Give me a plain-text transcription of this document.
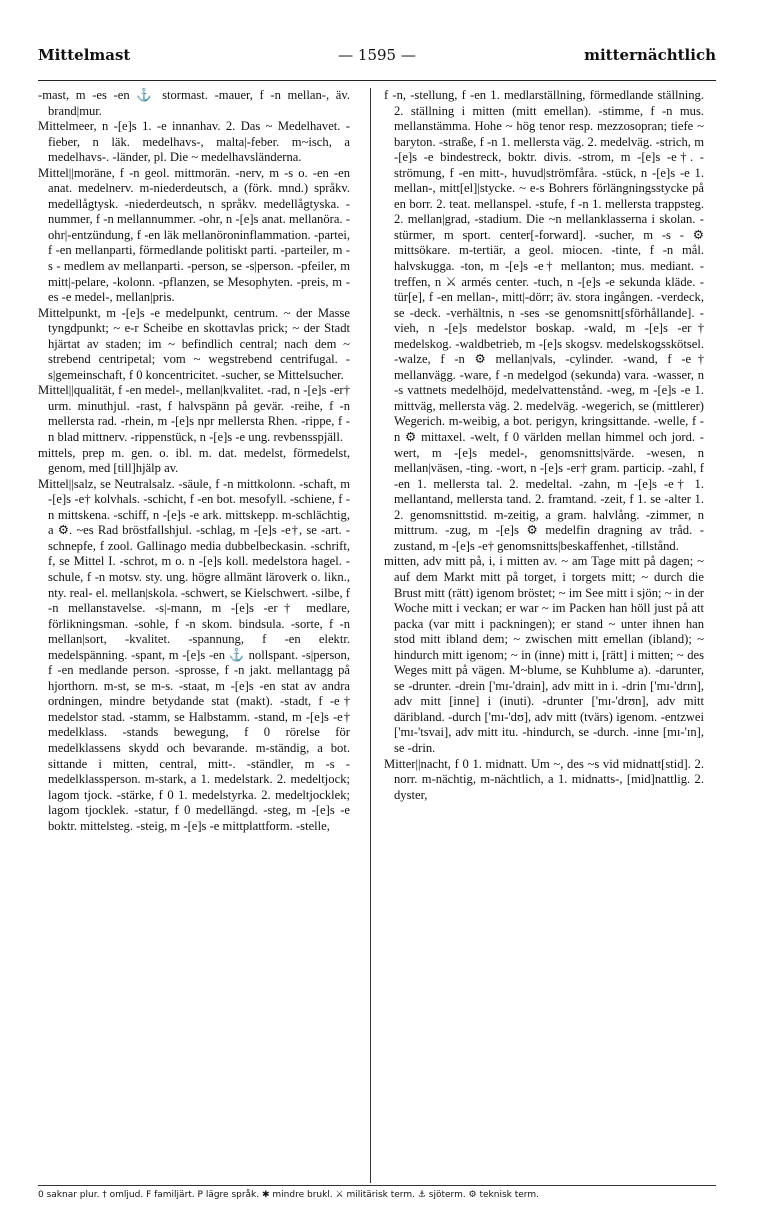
Mittelmast	— 1595 —	mitternächtlich

-mast, m -es -en ⚓ stormast. -mauer, f -n mellan-, äv. brand|mur.

Mittelmeer, n -[e]s 1. -e innanhav. 2. Das ~ Medelhavet. -fieber, n läk. medelhavs-, malta|-feber. m~isch, a medelhavs-. -länder, pl. Die ~ medelhavsländerna.

Mittel||moräne, f -n geol. mittmorän. -nerv, m -s o. -en -en anat. medelnerv. m-niederdeutsch, a (förk. mnd.) språkv. medellågtysk. -niederdeutsch, n språkv. medellågtyska. -nummer, f -n mellannummer. -ohr, n -[e]s anat. mellanöra. -ohr|-entzündung, f -en läk mellanöroninflammation. -partei, f -en mellanparti, förmedlande politiskt parti. -parteiler, m -s - medlem av mellanparti. -person, se -s|person. -pfeiler, m mitt|-pelare, -kolonn. -pflanzen, se Mesophyten. -preis, m -es -e medel-, mellan|pris.

Mittelpunkt, m -[e]s -e medelpunkt, centrum. ~ der Masse tyngdpunkt; ~ e-r Scheibe en skottavlas prick; ~ der Stadt hjärtat av staden; im ~ befindlich central; nach dem ~ strebend centripetal; vom ~ wegstrebend centrifugal. -s|gemeinschaft, f 0 koncentricitet. -sucher, se Mittelsucher.

Mittel||qualität, f -en medel-, mellan|kvalitet. -rad, n -[e]s -er† urm. minuthjul. -rast, f halvspänn på gevär. -reihe, f -n mellersta rad. -rhein, m -[e]s npr mellersta Rhen. -rippe, f -n blad mittnerv. -rippenstück, n -[e]s -e ung. revbensspjäll.

mittels, prep m. gen. o. ibl. m. dat. medelst, förmedelst, genom, med [till]hjälp av.

Mittel||salz, se Neutralsalz. -säule, f -n mittkolonn. -schaft, m -[e]s -e† kolvhals. -schicht, f -en bot. mesofyll. -schiene, f -n mittskena. -schiff, n -[e]s -e ark. mittskepp. m-schlächtig, a ⚙. ~es Rad bröstfallshjul. -schlag, m -[e]s -e†, se -art. -schnepfe, f zool. Gallinago media dubbelbeckasin. -schrift, f, se Mittel I. -schrot, m o. n -[e]s koll. medelstora hagel. -schule, f -n motsv. sty. ung. högre allmänt läroverk o. likn., nty. real- el. mellan|skola. -schwert, se Kielschwert. -silbe, f -n mellanstavelse. -s|-mann, m -[e]s -er† medlare, förlikningsman. -sohle, f -n skom. bindsula. -sorte, f -n mellan|sort, -kvalitet. -spannung, f -en elektr. medelspänning. -spant, m -[e]s -en ⚓ nollspant. -s|person, f -en medlande person. -sprosse, f -n jakt. mellantagg på hjorthorn. m-st, se m-s. -staat, m -[e]s -en stat av andra ordningen, mindre betydande stat (makt). -stadt, f -e† medelstor stad. -stamm, se Halbstamm. -stand, m -[e]s -e† medelklass. -stands bewegung, f 0 rörelse för medelklassens skydd och bevarande. m-ständig, a bot. sittande i mitten, central, mitt-. -ständler, m -s - medelklassperson. m-stark, a 1. medelstark. 2. medeltjock; lagom tjock. -stärke, f 0 1. medelstyrka. 2. medeltjocklek; lagom tjocklek. -statur, f 0 medellängd. -steg, m -[e]s -e boktr. mittelsteg. -steig, m -[e]s -e mittplattform. -stelle,

f -n, -stellung, f -en 1. medlarställning, förmedlande ställning. 2. ställning i mitten (mitt emellan). -stimme, f -n mus. mellanstämma. Hohe ~ hög tenor resp. mezzosopran; tiefe ~ baryton. -straße, f -n 1. mellersta väg. 2. medelväg. -strich, m -[e]s -e bindestreck, boktr. divis. -strom, m -[e]s -e†. -strömung, f -en mitt-, huvud|strömfåra. -stück, n -[e]s -e 1. mellan-, mitt[el]|stycke. ~ e-s Bohrers förlängningsstycke på en borr. 2. teat. mellanspel. -stufe, f -n 1. mellersta trappsteg. 2. mellan|grad, -stadium. Die ~n mellanklasserna i skolan. -stürmer, m sport. center[-forward]. -sucher, m -s - ⚙ mittsökare. m-tertiär, a geol. miocen. -tinte, f -n mål. halvskugga. -ton, m -[e]s -e† mellanton; mus. mediant. -treffen, n ⚔ armés center. -tuch, n -[e]s -e sekunda kläde. -tür[e], f -en mellan-, mitt|-dörr; äv. stora ingången. -verdeck, se -deck. -verhältnis, n -ses -se genomsnitt[sförhållande]. -vieh, n -[e]s medelstor boskap. -wald, m -[e]s -er† medelskog. -waldbetrieb, m -[e]s skogsv. medelskogsskötsel. -walze, f -n ⚙ mellan|vals, -cylinder. -wand, f -e† mellanvägg. -ware, f -n medelgod (sekunda) vara. -wasser, n -s vattnets medelhöjd, medelvattenstånd. -weg, m -[e]s -e 1. mittväg, mellersta väg. 2. medelväg. -wegerich, se (mittlerer) Wegerich. m-weibig, a bot. perigyn, kringsittande. -welle, f -n ⚙ mittaxel. -welt, f 0 världen mellan himmel och jord. -wert, m -[e]s medel-, genomsnitts|värde. -wesen, n mellan|väsen, -ting. -wort, n -[e]s -er† gram. particip. -zahl, f -en 1. mellersta tal. 2. medeltal. -zahn, m -[e]s -e† 1. mellantand, mellersta tand. 2. framtand. -zeit, f 1. se -alter 1. 2. genomsnittstid. m-zeitig, a gram. halvlång. -zimmer, n mittrum. -zug, m -[e]s ⚙ medelfin dragning av tråd. -zustand, m -[e]s -e† genomsnitts|beskaffenhet, -tillstånd.

mitten, adv mitt på, i, i mitten av. ~ am Tage mitt på dagen; ~ auf dem Markt mitt på torget, i torgets mitt; ~ durch die Brust mitt (rätt) igenom bröstet; ~ im See mitt i sjön; ~ in der Woche mitt i veckan; er war ~ im Packen han höll just på att packa (var mitt i packningen); er stand ~ unter ihnen han stod mitt ibland dem; ~ zwischen mitt emellan (ibland); ~ hindurch mitt igenom; ~ in (inne) mitt i, [rätt] i mitten; ~ des Weges mitt på vägen. M~blume, se Kuhblume a). -darunter, se -drunter. -drein ['mɪ-'drain], adv mitt in i. -drin ['mɪ-'drɪn], adv mitt [inne] i (inuti). -drunter ['mɪ-'drʊn], adv mitt däribland. -durch ['mɪ-'dʊ], adv mitt (tvärs) igenom. -entzwei ['mɪ-'tsvai], adv mitt itu. -hindurch, se -durch. -inne [mɪ-'ɪn], se -drin.

Mitter||nacht, f 0 1. midnatt. Um ~, des ~s vid midnatt[stid]. 2. norr. m-nächtig, m-nächtlich, a 1. midnatts-, [mid]nattlig. 2. dyster,

0 saknar plur. † omljud. F familjärt. P lägre språk. ✱ mindre brukl. ⚔ militärisk term. ⚓ sjöterm. ⚙ teknisk term.
